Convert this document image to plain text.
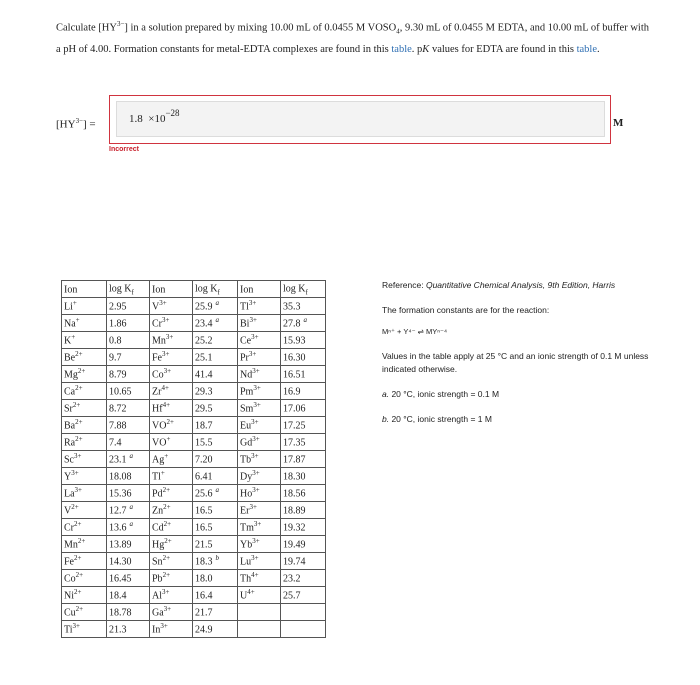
Calculate $[HY^{3-}]$ in a solution prepared by mixing 10.00 mL of 0.0455 M $VOSO_4$, 9.30 mL of 0.0455 M EDTA, and 10.00 mL of buffer with a pH of 4.00. Formation constants for metal-EDTA complexes are found in this table. pK values for EDTA are found in this table.
$[HY^{3-}]$ =	$1.8 \times 10^{-28}$
M
Incorrect
Ion	$\log K_f$	Ion	$\log K_f$	Ion	$\log K_f$
Li+	2.95	$V^{3+}$	25.9 $^a$	$Tl^{3+}$	35.3
Na+	1.86	$Cr^{3+}$	23.4 $^a$	$Bi^{3+}$	27.8 $^a$
K+	0.8	$Mn^{3+}$	25.2	$Ce^{3+}$	15.93
$Be^{2+}$	9.7	$Fe^{3+}$	25.1	$Pr^{3+}$	16.30
$Mg^{2+}$	8.79	$Co^{3+}$	41.4	$Nd^{3+}$	16.51
$Ca^{2+}$	10.65	$Zr^{4+}$	29.3	$Pm^{3+}$	16.9
$Sr^{2+}$	8.72	$Hf^{4+}$	29.5	$Sm^{3+}$	17.06
$Ba^{2+}$	7.88	$VO^{2+}$	18.7	$Eu^{3+}$	17.25
$Ra^{2+}$	7.4	VO+	15.5	$Gd^{3+}$	17.35
$Sc^{3+}$	23.1 $^a$	Ag+	7.20	$Tb^{3+}$	17.87
$Y^{3+}$	18.08	Tl+	6.41	$Dy^{3+}$	18.30
$La^{3+}$	15.36	$Pd^{2+}$	25.6 $^a$	$Ho^{3+}$	18.56
$V^{2+}$	12.7 $^a$	$Zn^{2+}$	16.5	$Er^{3+}$	18.89
$Cr^{2+}$	13.6 $^a$	$Cd^{2+}$	16.5	$Tm^{3+}$	19.32
$Mn^{2+}$	13.89	$Hg^{2+}$	21.5	$Yb^{3+}$	19.49
$Fe^{2+}$	14.30	$Sn^{2+}$	18.3 $^b$	$Lu^{3+}$	19.74
$Co^{2+}$	16.45	$Pb^{2+}$	18.0	$Th^{4+}$	23.2
$Ni^{2+}$	18.4	$Al^{3+}$	16.4	$U^{4+}$	25.7
$Cu^{2+}$	18.78	$Ga^{3+}$	21.7		
$Ti^{3+}$	21.3	$In^{3+}$	24.9		

Reference: Quantitative Chemical Analysis, 9th Edition, Harris

The formation constants are for the reaction:

Mⁿ⁺ + Y⁴⁻ ⇌ MYⁿ⁻⁴

Values in the table apply at 25 °C and an ionic strength of 0.1 M unless indicated otherwise.

a. 20 °C, ionic strength = 0.1 M

b. 20 °C, ionic strength = 1 M
